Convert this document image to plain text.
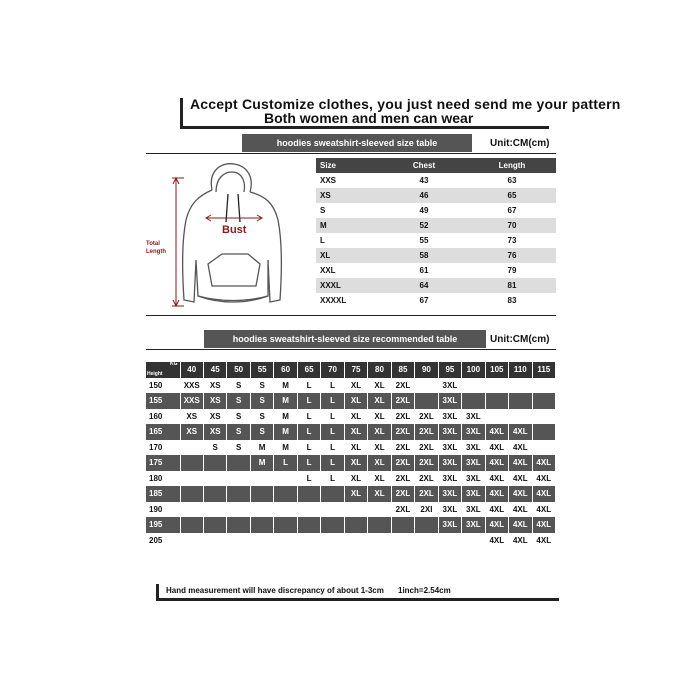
Accept Customize clothes, you just need send me your pattern
Both women and men can wear
hoodies sweatshirt-sleeved size table	Unit:CM(cm)
Bust
Total
Length
Size	Chest	Length
XXS	43	63
XS	46	65
S	49	67
M	52	70
L	55	73
XL	58	76
XXL	61	79
XXXL	64	81
XXXXL	67	83
hoodies sweatshirt-sleeved size recommended table	Unit:CM(cm)
KG
Height	40	45	50	55	60	65	70	75	80	85	90	95	100	105	110	115
150	XXS	XS	S	S	M	L	L	XL	XL	2XL		3XL				
155	XXS	XS	S	S	M	L	L	XL	XL	2XL		3XL				
160	XS	XS	S	S	M	L	L	XL	XL	2XL	2XL	3XL	3XL			
165	XS	XS	S	S	M	L	L	XL	XL	2XL	2XL	3XL	3XL	4XL	4XL	
170		S	S	M	M	L	L	XL	XL	2XL	2XL	3XL	3XL	4XL	4XL	
175				M	L	L	L	XL	XL	2XL	2XL	3XL	3XL	4XL	4XL	4XL
180						L	L	XL	XL	2XL	2XL	3XL	3XL	4XL	4XL	4XL
185								XL	XL	2XL	2XL	3XL	3XL	4XL	4XL	4XL
190										2XL	2XI	3XL	3XL	4XL	4XL	4XL
195												3XL	3XL	4XL	4XL	4XL
205														4XL	4XL	4XL
Hand measurement will have discrepancy of about 1-3cm 1inch=2.54cm
